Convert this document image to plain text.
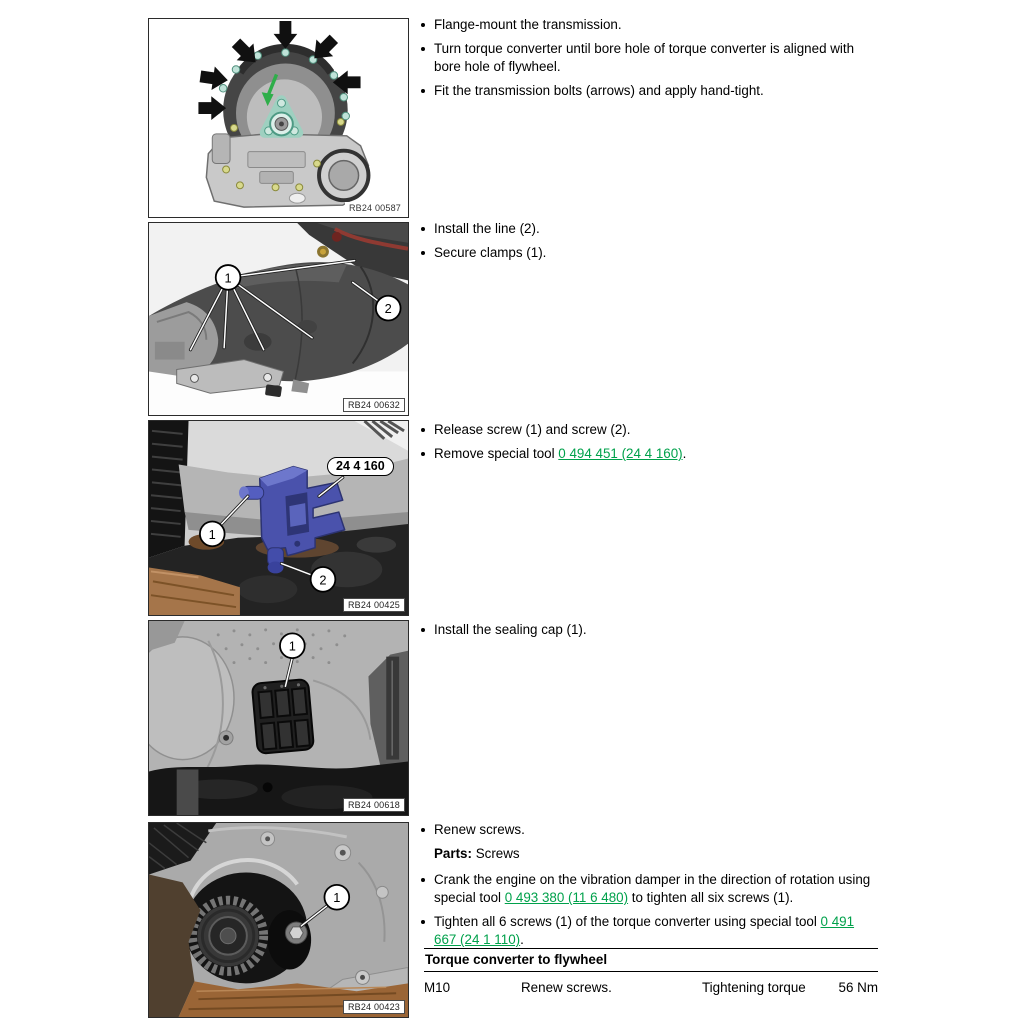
RB24 00587
1
2
RB24 00632
1
2
24 4 160
RB24 00425
1
RB24 00618
1
RB24 00423
Flange-mount the transmission.
Turn torque converter until bore hole of torque converter is aligned with bore hole of flywheel.
Fit the transmission bolts (arrows) and apply hand-tight.
Install the line (2).
Secure clamps (1).
Release screw (1) and screw (2).
Remove special tool 0 494 451 (24 4 160).
Install the sealing cap (1).
Renew screws.
Parts: Screws
Crank the engine on the vibration damper in the direction of rotation using special tool 0 493 380 (11 6 480) to tighten all six screws (1).
Tighten all 6 screws (1) of the torque converter using special tool 0 491 667 (24 1 110).
Torque converter to flywheel
M10	Renew screws.	Tightening torque	56 Nm
